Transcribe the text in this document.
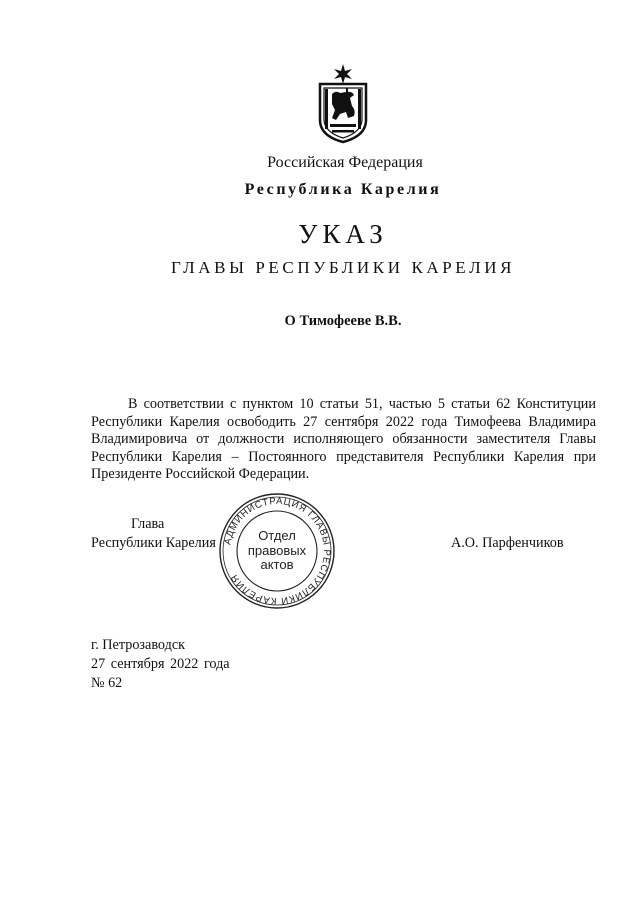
Российская Федерация
Республика Карелия
УКАЗ
ГЛАВЫ РЕСПУБЛИКИ КАРЕЛИЯ
О Тимофееве В.В.

В соответствии с пунктом 10 статьи 51, частью 5 статьи 62 Конституции Республики Карелия освободить 27 сентября 2022 года Тимофеева Владимира Владимировича от должности исполняющего обязанности заместителя Главы Республики Карелия – Постоянного представителя Республики Карелия при Президенте Российской Федерации.

Глава
Республики Карелия	А.О. Парфенчиков
АДМИНИСТРАЦИЯ ГЛАВЫ РЕСПУБЛИКИ КАРЕЛИЯ
Отдел
правовых
актов
г. Петрозаводск
27 сентября 2022 года
№ 62
